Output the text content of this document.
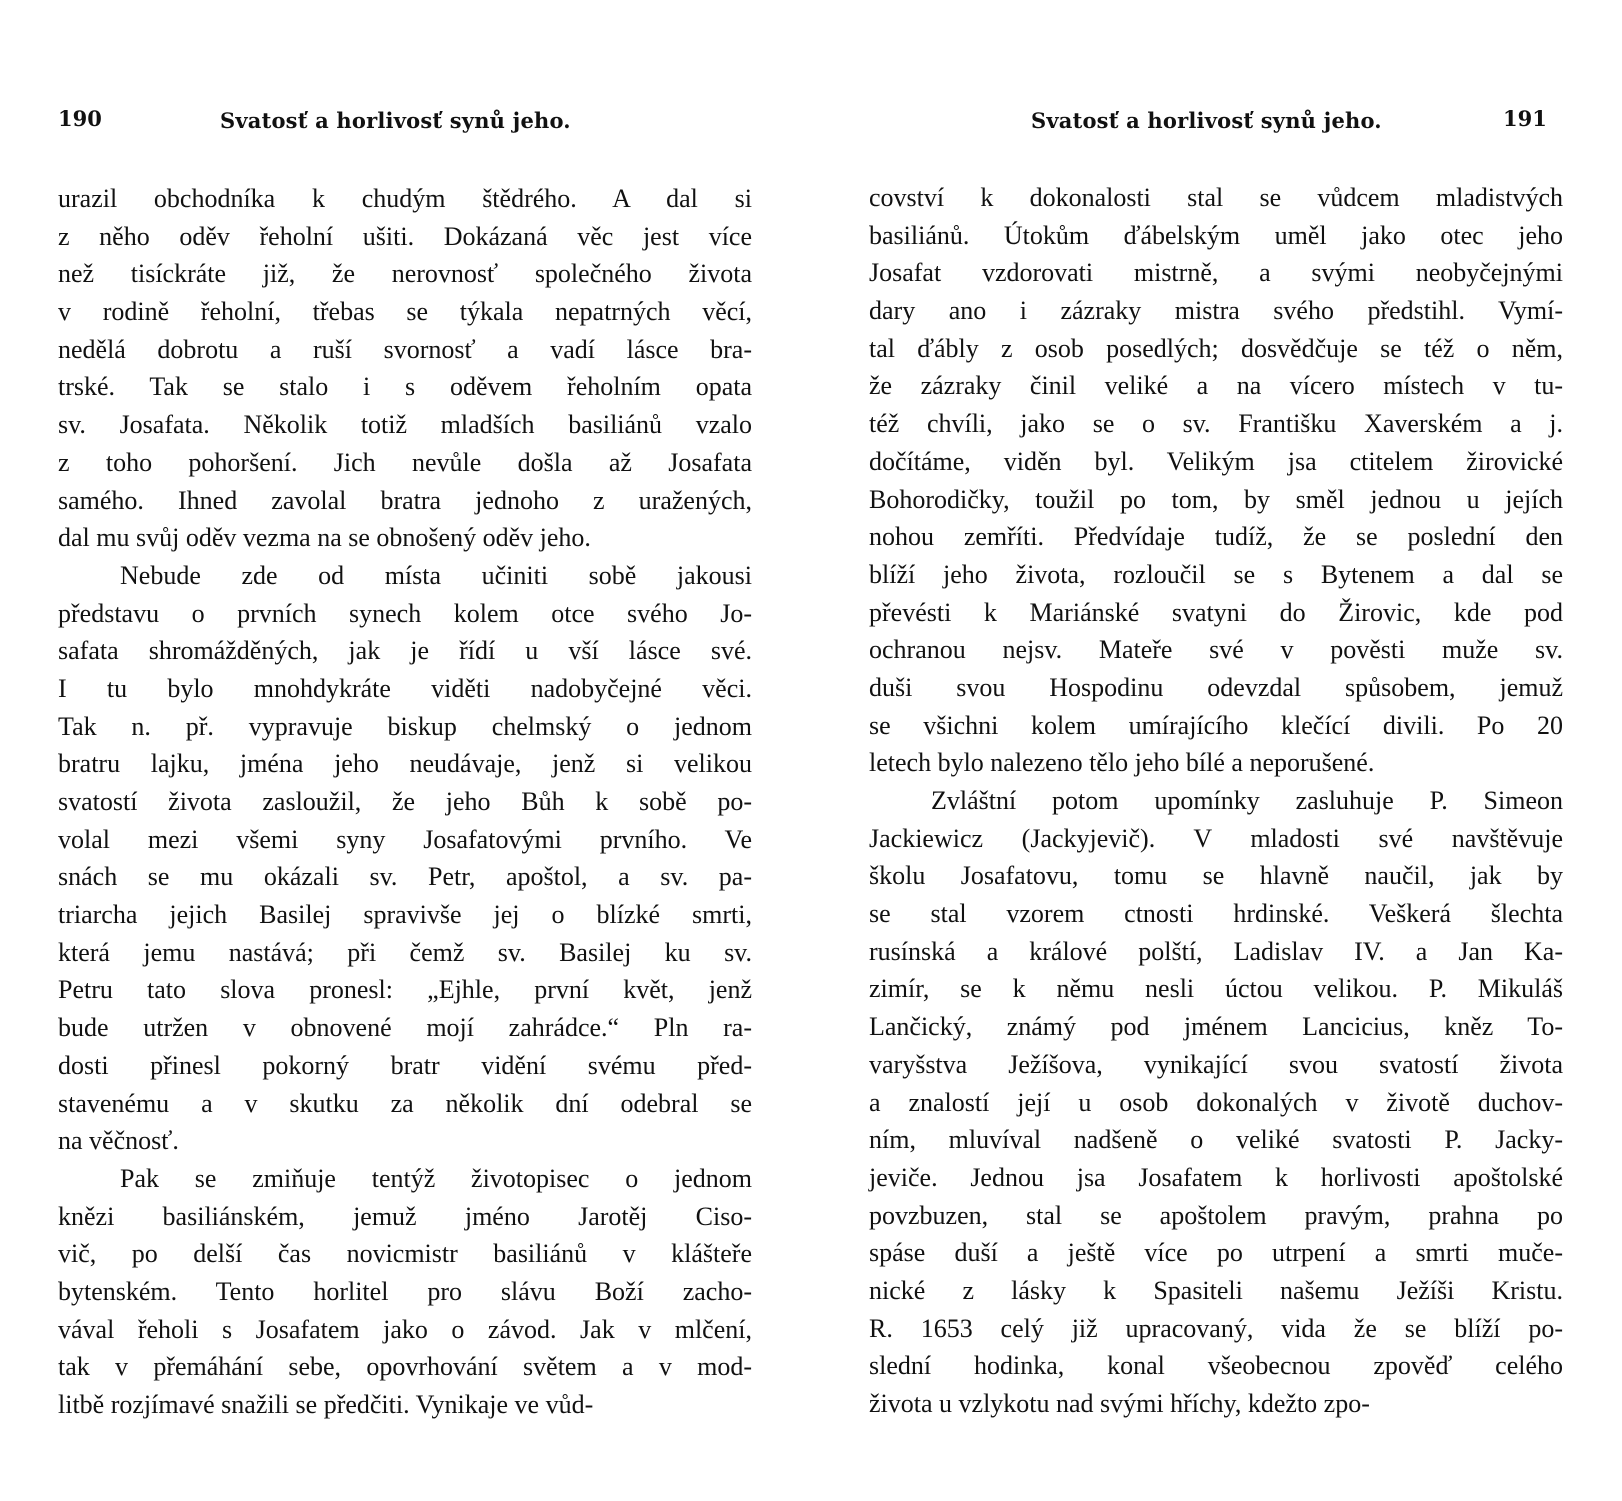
190	Svatosť a horlivosť synů jeho.
urazil obchodníka k chudým štědrého. A dal si
z něho oděv řeholní ušiti. Dokázaná věc jest více
než tisíckráte již, že nerovnosť společného života
v rodině řeholní, třebas se týkala nepatrných věcí,
nedělá dobrotu a ruší svornosť a vadí lásce bra-
trské. Tak se stalo i s oděvem řeholním opata
sv. Josafata. Několik totiž mladších basiliánů vzalo
z toho pohoršení. Jich nevůle došla až Josafata
samého. Ihned zavolal bratra jednoho z uražených,
dal mu svůj oděv vezma na se obnošený oděv jeho.
Nebude zde od místa učiniti sobě jakousi
představu o prvních synech kolem otce svého Jo-
safata shromážděných, jak je řídí u vší lásce své.
I tu bylo mnohdykráte viděti nadobyčejné věci.
Tak n. př. vypravuje biskup chelmský o jednom
bratru lajku, jména jeho neudávaje, jenž si velikou
svatostí života zasloužil, že jeho Bůh k sobě po-
volal mezi všemi syny Josafatovými prvního. Ve
snách se mu okázali sv. Petr, apoštol, a sv. pa-
triarcha jejich Basilej spravivše jej o blízké smrti,
která jemu nastává; při čemž sv. Basilej ku sv.
Petru tato slova pronesl: „Ejhle, první květ, jenž
bude utržen v obnovené mojí zahrádce.“ Pln ra-
dosti přinesl pokorný bratr vidění svému před-
stavenému a v skutku za několik dní odebral se
na věčnosť.
Pak se zmiňuje tentýž životopisec o jednom
knězi basiliánském, jemuž jméno Jarotěj Ciso-
vič, po delší čas novicmistr basiliánů v klášteře
bytenském. Tento horlitel pro slávu Boží zacho-
vával řeholi s Josafatem jako o závod. Jak v mlčení,
tak v přemáhání sebe, opovrhování světem a v mod-
litbě rozjímavé snažili se předčiti. Vynikaje ve vůd-
Svatosť a horlivosť synů jeho.	191
covství k dokonalosti stal se vůdcem mladistvých
basiliánů. Útokům ďábelským uměl jako otec jeho
Josafat vzdorovati mistrně, a svými neobyčejnými
dary ano i zázraky mistra svého předstihl. Vymí-
tal ďábly z osob posedlých; dosvědčuje se též o něm,
že zázraky činil veliké a na vícero místech v tu-
též chvíli, jako se o sv. Františku Xaverském a j.
dočítáme, viděn byl. Velikým jsa ctitelem žirovické
Bohorodičky, toužil po tom, by směl jednou u jejích
nohou zemříti. Předvídaje tudíž, že se poslední den
blíží jeho života, rozloučil se s Bytenem a dal se
převésti k Mariánské svatyni do Žirovic, kde pod
ochranou nejsv. Mateře své v pověsti muže sv.
duši svou Hospodinu odevzdal spůsobem, jemuž
se všichni kolem umírajícího klečící divili. Po 20
letech bylo nalezeno tělo jeho bílé a neporušené.
Zvláštní potom upomínky zasluhuje P. Simeon
Jackiewicz (Jackyjevič). V mladosti své navštěvuje
školu Josafatovu, tomu se hlavně naučil, jak by
se stal vzorem ctnosti hrdinské. Veškerá šlechta
rusínská a králové polští, Ladislav IV. a Jan Ka-
zimír, se k němu nesli úctou velikou. P. Mikuláš
Lančický, známý pod jménem Lancicius, kněz To-
varyšstva Ježíšova, vynikající svou svatostí života
a znalostí její u osob dokonalých v životě duchov-
ním, mluvíval nadšeně o veliké svatosti P. Jacky-
jeviče. Jednou jsa Josafatem k horlivosti apoštolské
povzbuzen, stal se apoštolem pravým, prahna po
spáse duší a ještě více po utrpení a smrti muče-
nické z lásky k Spasiteli našemu Ježíši Kristu.
R. 1653 celý již upracovaný, vida že se blíží po-
slední hodinka, konal všeobecnou zpověď celého
života u vzlykotu nad svými hříchy, kdežto zpo-
